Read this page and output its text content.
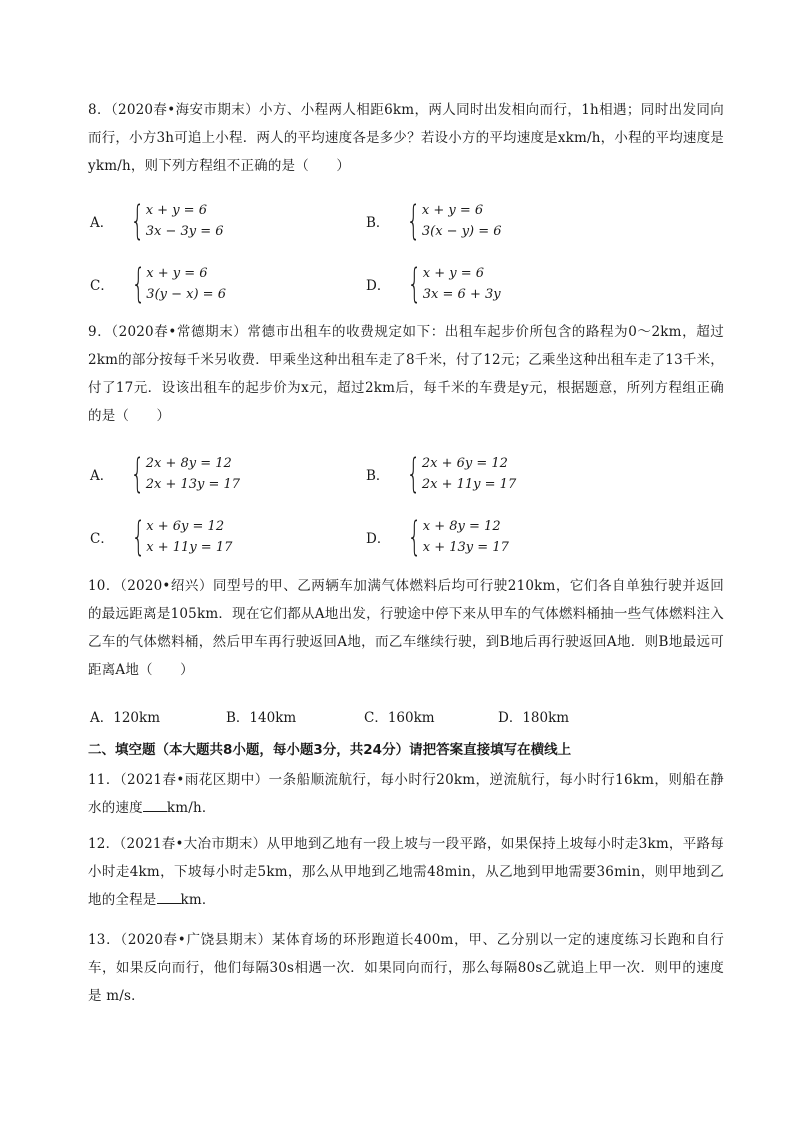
8．（2020春•海安市期末）小方、小程两人相距6km，两人同时出发相向而行，1h相遇；同时出发同向而行，小方3h可追上小程．两人的平均速度各是多少？若设小方的平均速度是xkm/h，小程的平均速度是ykm/h，则下列方程组不正确的是（　　）
A． { x + y = 6
3x − 3y = 6
B． { x + y = 6
3(x − y) = 6
C． { x + y = 6
3(y − x) = 6
D． { x + y = 6
3x = 6 + 3y
9．（2020春•常德期末）常德市出租车的收费规定如下：出租车起步价所包含的路程为0～2km，超过2km的部分按每千米另收费．甲乘坐这种出租车走了8千米，付了12元；乙乘坐这种出租车走了13千米，付了17元．设该出租车的起步价为x元，超过2km后，每千米的车费是y元，根据题意，所列方程组正确的是（　　）
A． { 2x + 8y = 12
2x + 13y = 17
B． { 2x + 6y = 12
2x + 11y = 17
C． { x + 6y = 12
x + 11y = 17
D． { x + 8y = 12
x + 13y = 17
10．（2020•绍兴）同型号的甲、乙两辆车加满气体燃料后均可行驶210km，它们各自单独行驶并返回的最远距离是105km．现在它们都从A地出发，行驶途中停下来从甲车的气体燃料桶抽一些气体燃料注入乙车的气体燃料桶，然后甲车再行驶返回A地，而乙车继续行驶，到B地后再行驶返回A地．则B地最远可距离A地（　　）
A．120km	B．140km	C．160km	D．180km
二、填空题（本大题共8小题，每小题3分，共24分）请把答案直接填写在横线上
11．（2021春•雨花区期中）一条船顺流航行，每小时行20km，逆流航行，每小时行16km，则船在静水的速度 km/h．
12．（2021春•大冶市期末）从甲地到乙地有一段上坡与一段平路，如果保持上坡每小时走3km，平路每小时走4km，下坡每小时走5km，那么从甲地到乙地需48min，从乙地到甲地需要36min，则甲地到乙地的全程是 km．
13．（2020春•广饶县期末）某体育场的环形跑道长400m，甲、乙分别以一定的速度练习长跑和自行车，如果反向而行，他们每隔30s相遇一次．如果同向而行，那么每隔80s乙就追上甲一次．则甲的速度是 m/s．
